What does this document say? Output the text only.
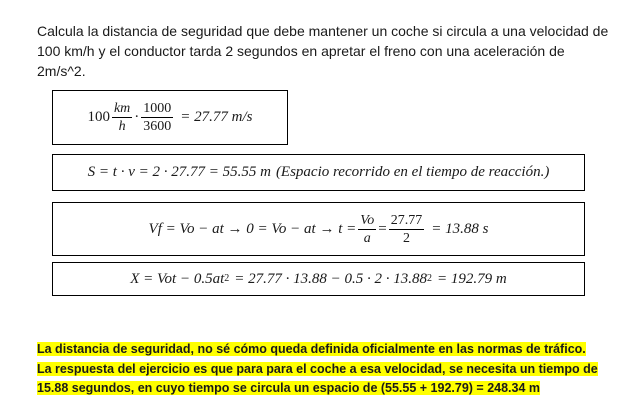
Calcula la distancia de seguridad que debe mantener un coche si circula a una velocidad de 100 km/h y el conductor tarda 2 segundos en apretar el freno con una aceleración de 2m/s^2.

$100 \frac{km}{h} \cdot \frac{1000}{3600} = 27.77$ m/s
S = t · v = 2 · 27.77 = 55.55 m (Espacio recorrido en el tiempo de reacción.)
Vf = Vo − at → 0 = Vo − at → $t = \frac{Vo}{a} = \frac{27.77}{2} = 13.88$ s
X = Vot − 0.5at 2 = 27.77 · 13.88 − 0.5 · 2 · 13.88 2 = 192.79 m
La distancia de seguridad, no sé cómo queda definida oficialmente en las normas de tráfico.
La respuesta del ejercicio es que para para el coche a esa velocidad, se necesita un tiempo de
15.88 segundos, en cuyo tiempo se circula un espacio de (55.55 + 192.79) = 248.34 m
